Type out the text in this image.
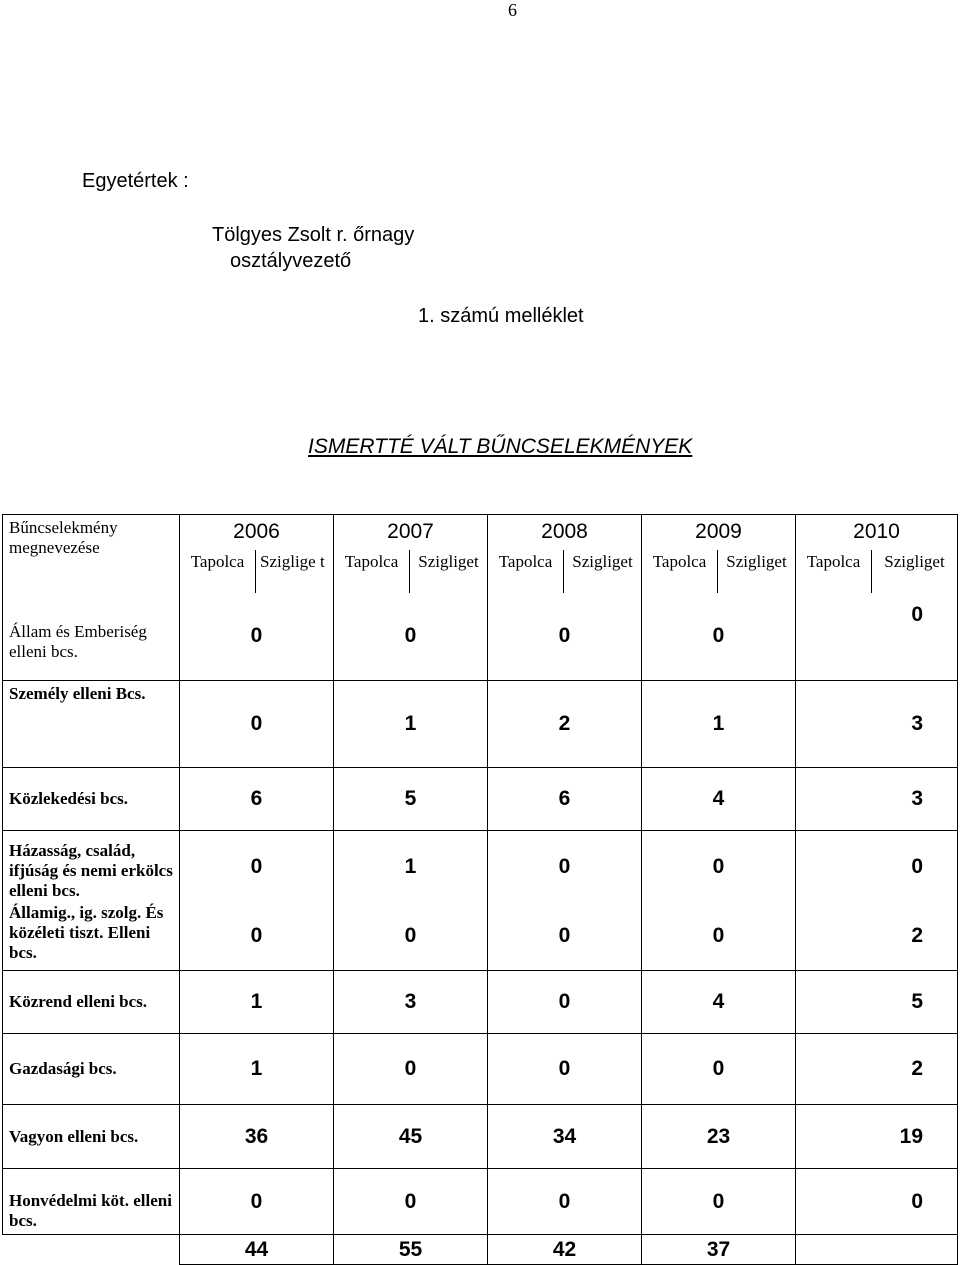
6
Egyetértek :
Tölgyes Zsolt r. őrnagy
osztályvezető
1. számú melléklet
ISMERTTÉ VÁLT BŰNCSELEKMÉNYEK
Bűncselekmény megnevezése	2006		2007		2008		2009		2010	
	Tapolca	Sziglige t	Tapolca	Szigliget	Tapolca	Szigliget	Tapolca	Szigliget	Tapolca	Szigliget
Állam és Emberiség elleni bcs.	0		0		0		0		0	
Személy elleni Bcs.	0		1		2		1		3	
Közlekedési bcs.	6		5		6		4		3	
Házasság, család, ifjúság és nemi erkölcs elleni bcs.	0		1		0		0		0	
Államig., ig. szolg. És közéleti tiszt. Elleni bcs.	0		0		0		0		2	
Közrend elleni bcs.	1		3		0		4		5	
Gazdasági bcs.	1		0		0		0		2	
Vagyon elleni bcs.	36		45		34		23		19	
Honvédelmi köt. elleni bcs.	0		0		0		0		0	
	44		55		42		37			
